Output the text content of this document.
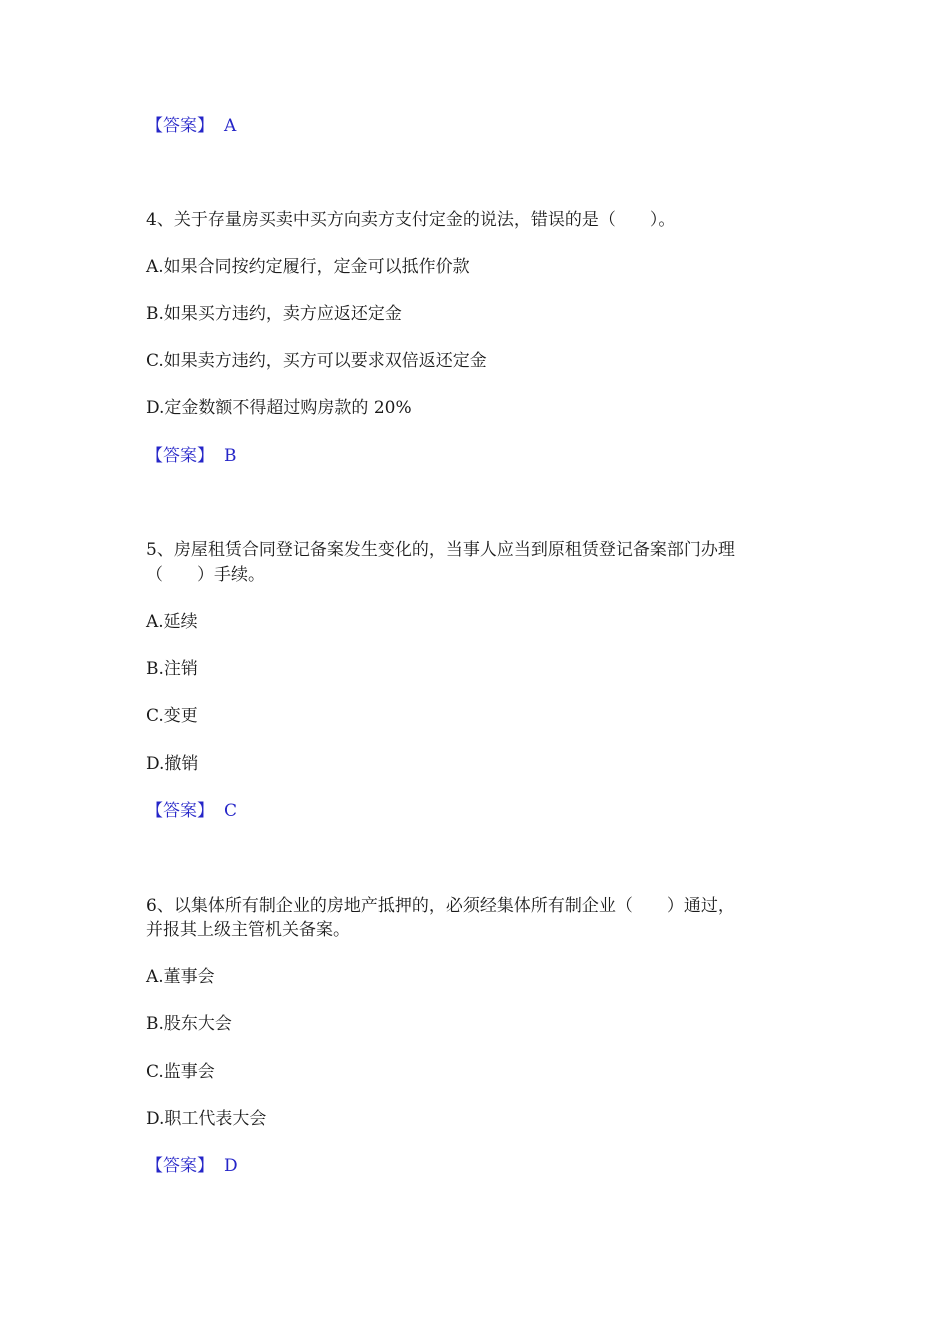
【答案】 A
4、关于存量房买卖中买方向卖方支付定金的说法，错误的是（　　）。
A.如果合同按约定履行，定金可以抵作价款
B.如果买方违约，卖方应返还定金
C.如果卖方违约，买方可以要求双倍返还定金
D.定金数额不得超过购房款的 20%
【答案】 B
5、房屋租赁合同登记备案发生变化的，当事人应当到原租赁登记备案部门办理
（　　）手续。
A.延续
B.注销
C.变更
D.撤销
【答案】 C
6、以集体所有制企业的房地产抵押的，必须经集体所有制企业（　　）通过，
并报其上级主管机关备案。
A.董事会
B.股东大会
C.监事会
D.职工代表大会
【答案】 D
